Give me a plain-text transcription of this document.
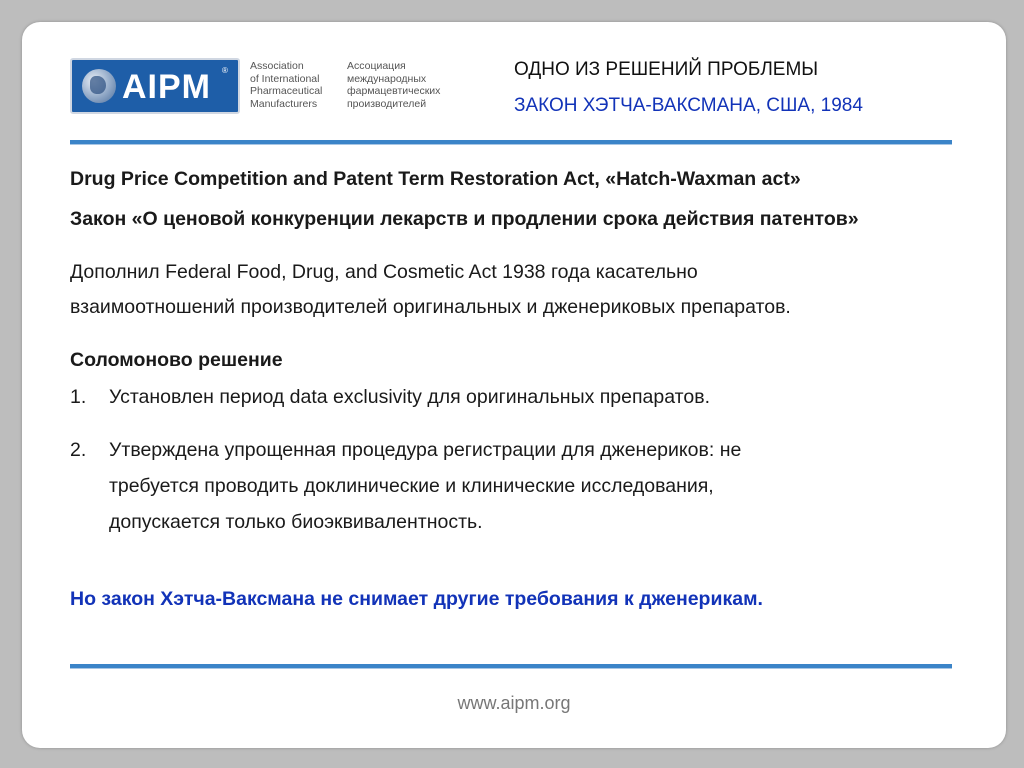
AIPM ® Association
of International
Pharmaceutical
Manufacturers
Ассоциация
международных
фармацевтических
производителей
ОДНО ИЗ РЕШЕНИЙ ПРОБЛЕМЫ
ЗАКОН ХЭТЧА-ВАКСМАНА, США, 1984
Drug Price Competition and Patent Term Restoration Act, «Hatch-Waxman act»
Закон «О ценовой конкуренции лекарств и продлении срока действия патентов»
Дополнил Federal Food, Drug, and Cosmetic Act 1938 года касательно
взаимоотношений производителей оригинальных и дженериковых препаратов.
Соломоново решение
1. Установлен период data exclusivity для оригинальных препаратов.
2. Утверждена упрощенная процедура регистрации для дженериков: не
требуется проводить доклинические и клинические исследования,
допускается только биоэквивалентность.
Но закон Хэтча-Ваксмана не снимает другие требования к дженерикам.
www.aipm.org
